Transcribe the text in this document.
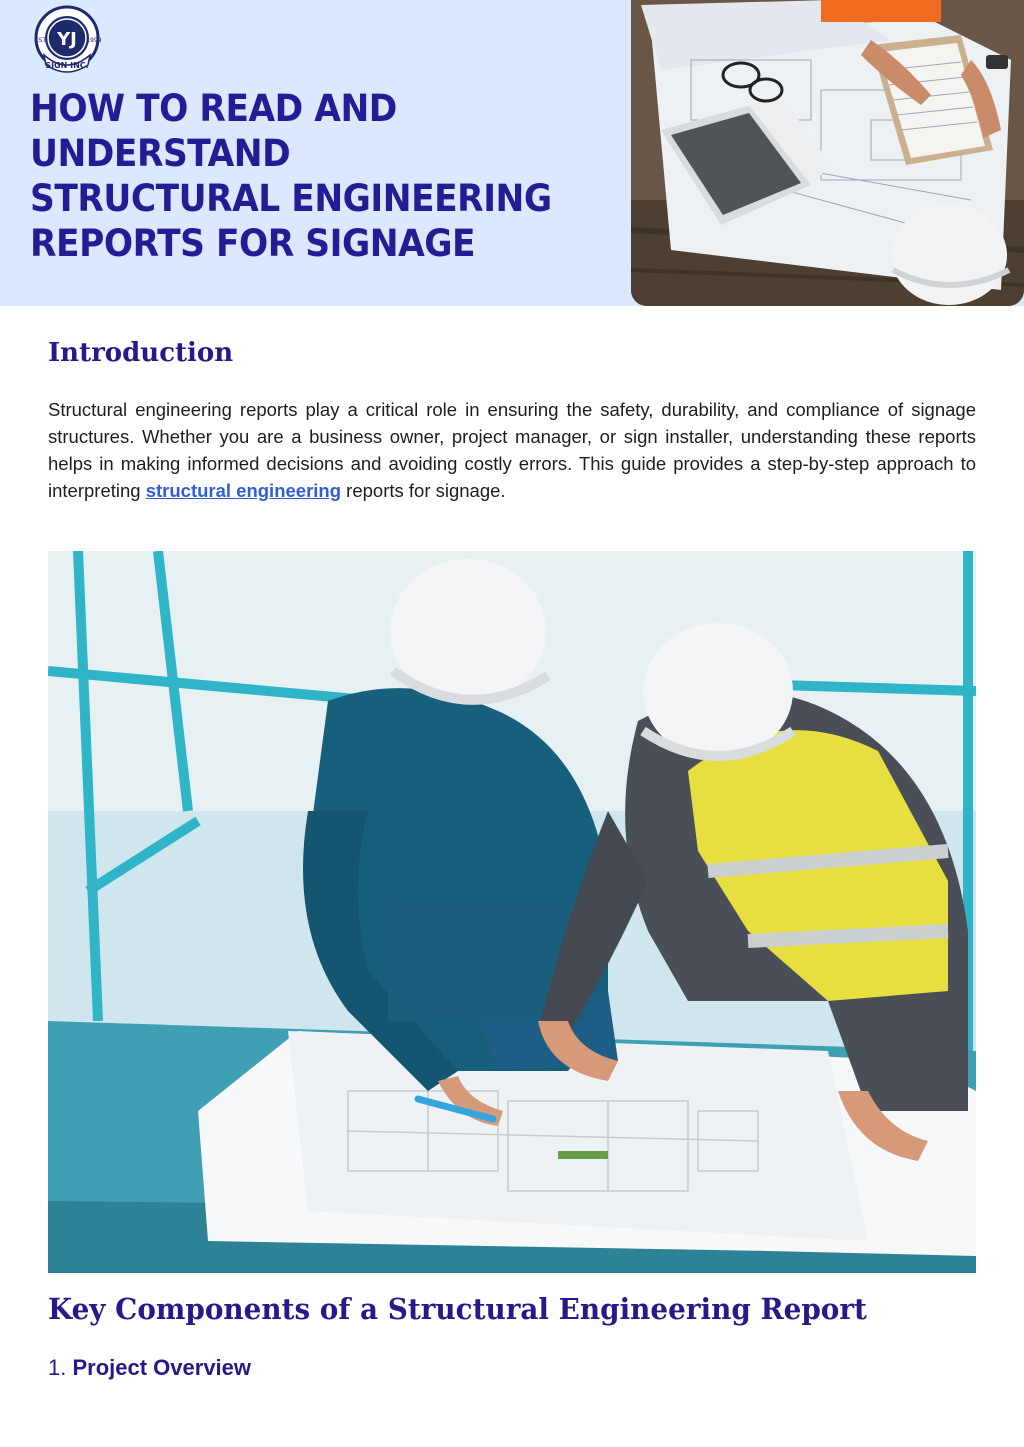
YJ
EST.	1999
SIGN INC.
HOW TO READ AND
UNDERSTAND
STRUCTURAL ENGINEERING
REPORTS FOR SIGNAGE
Introduction

Structural engineering reports play a critical role in ensuring the safety, durability, and compliance of signage structures. Whether you are a business owner, project manager, or sign installer, understanding these reports helps in making informed decisions and avoiding costly errors. This guide provides a step-by-step approach to interpreting structural engineering reports for signage.

Key Components of a Structural Engineering Report
1. Project Overview
